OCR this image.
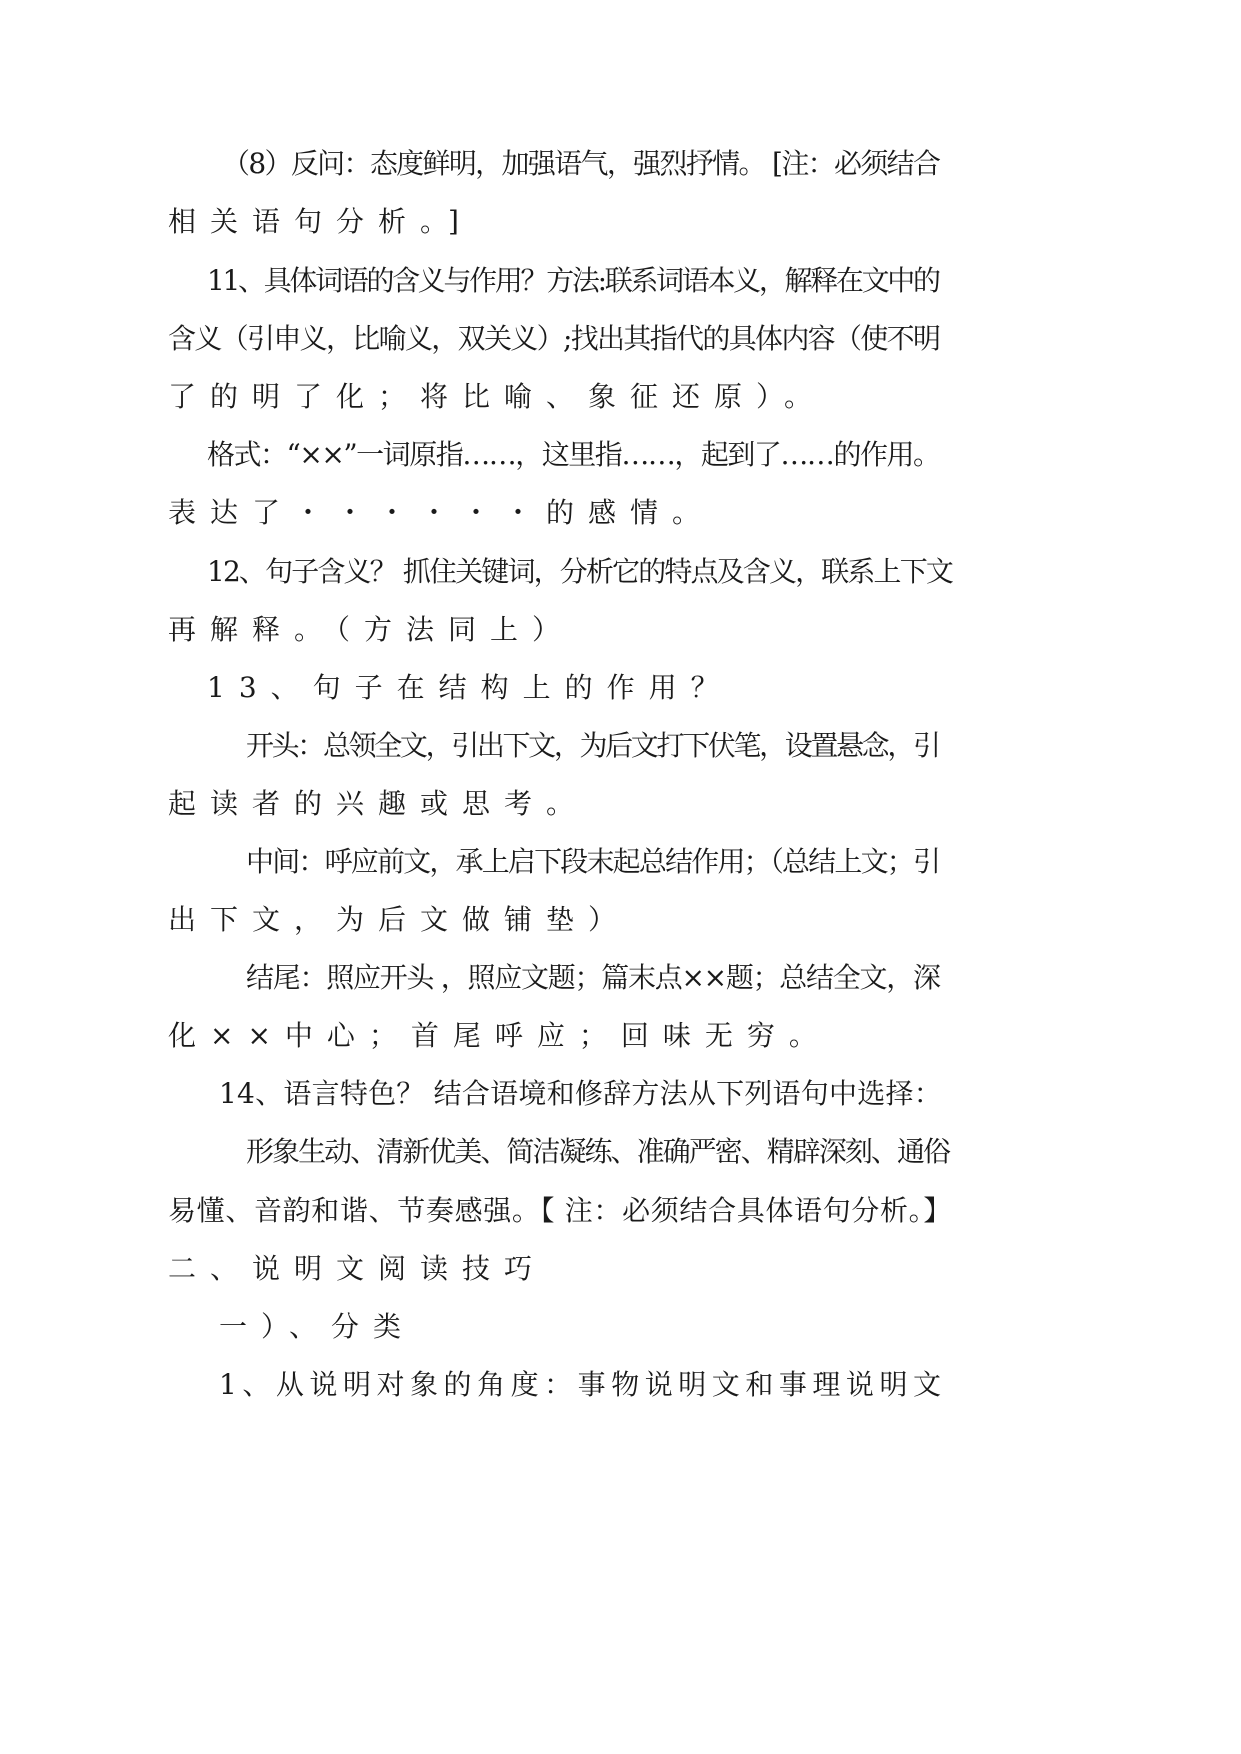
（8）反问：态度鲜明，加强语气，强烈抒情。 [注：必须结合
相关语句分析。]
11、具体词语的含义与作用？方法:联系词语本义，解释在文中的
含义（引申义，比喻义，双关义）;找出其指代的具体内容（使不明
了的明了化；将比喻、象征还原）。
格式：“××”一词原指……，这里指……，起到了……的作用。
表达了・・・・・・的感情。
12、句子含义？ 抓住关键词，分析它的特点及含义，联系上下文
再解释。（方法同上）
13、句子在结构上的作用？
开头：总领全文，引出下文，为后文打下伏笔，设置悬念，引
起读者的兴趣或思考。
中间：呼应前文，承上启下段末起总结作用；（总结上文；引
出下文，为后文做铺垫）
结尾：照应开头 ，照应文题；篇末点××题；总结全文，深
化××中心；首尾呼应；回味无穷。
14、语言特色？ 结合语境和修辞方法从下列语句中选择：
形象生动、清新优美、简洁凝练、准确严密、精辟深刻、通俗
易懂、音韵和谐、节奏感强。【 注：必须结合具体语句分析。】
二、说明文阅读技巧
一）、分类
1、从说明对象的角度：事物说明文和事理说明文
